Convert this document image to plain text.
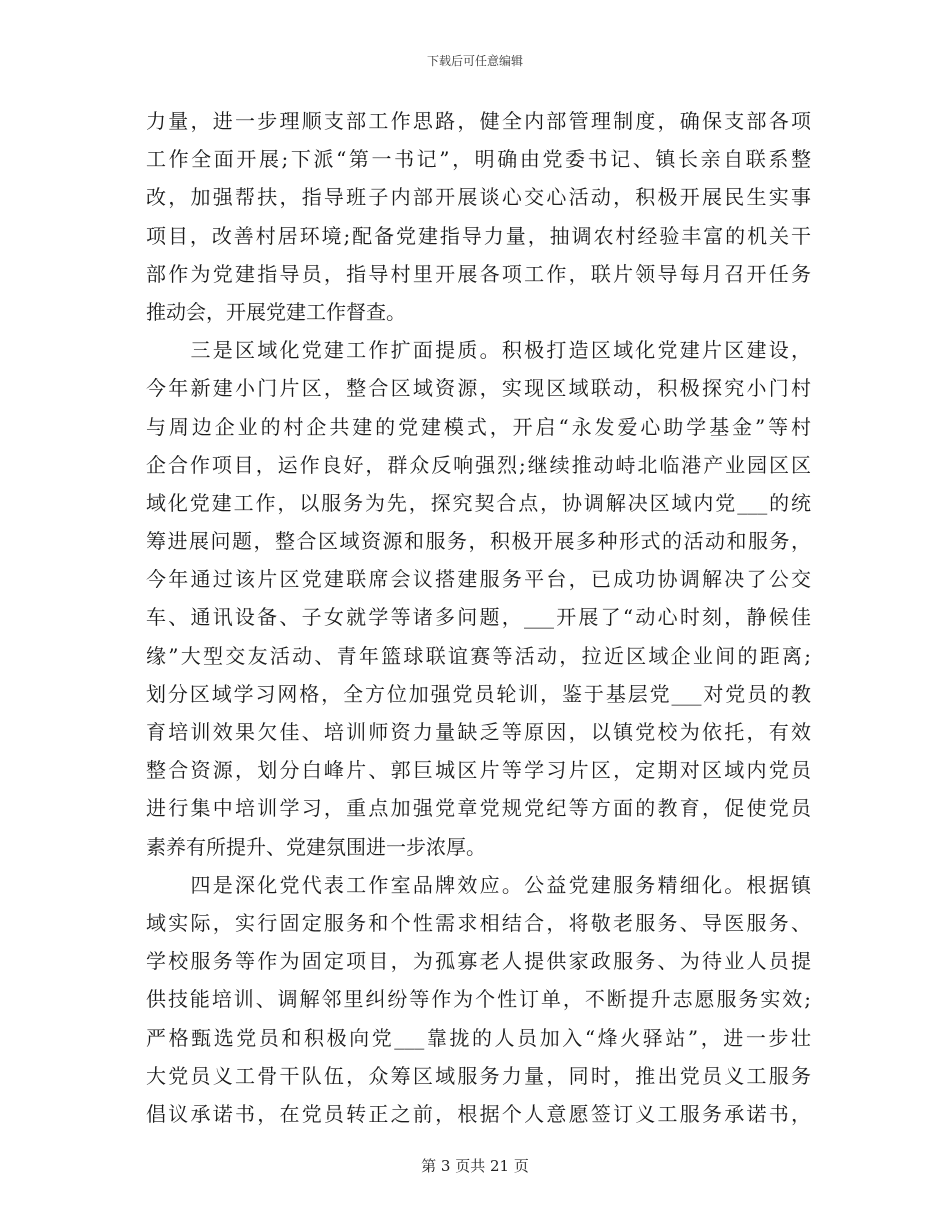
下载后可任意编辑
力量，进一步理顺支部工作思路，健全内部管理制度，确保支部各项
工作全面开展;下派“第一书记”，明确由党委书记、镇长亲自联系整
改，加强帮扶，指导班子内部开展谈心交心活动，积极开展民生实事
项目，改善村居环境;配备党建指导力量，抽调农村经验丰富的机关干
部作为党建指导员，指导村里开展各项工作，联片领导每月召开任务
推动会，开展党建工作督查。
　　三是区域化党建工作扩面提质。积极打造区域化党建片区建设，
今年新建小门片区，整合区域资源，实现区域联动，积极探究小门村
与周边企业的村企共建的党建模式，开启“永发爱心助学基金”等村
企合作项目，运作良好，群众反响强烈;继续推动峙北临港产业园区区
域化党建工作，以服务为先，探究契合点，协调解决区域内党___的统
筹进展问题，整合区域资源和服务，积极开展多种形式的活动和服务，
今年通过该片区党建联席会议搭建服务平台，已成功协调解决了公交
车、通讯设备、子女就学等诸多问题，___开展了“动心时刻，静候佳
缘”大型交友活动、青年篮球联谊赛等活动，拉近区域企业间的距离;
划分区域学习网格，全方位加强党员轮训，鉴于基层党___对党员的教
育培训效果欠佳、培训师资力量缺乏等原因，以镇党校为依托，有效
整合资源，划分白峰片、郭巨城区片等学习片区，定期对区域内党员
进行集中培训学习，重点加强党章党规党纪等方面的教育，促使党员
素养有所提升、党建氛围进一步浓厚。
　　四是深化党代表工作室品牌效应。公益党建服务精细化。根据镇
域实际，实行固定服务和个性需求相结合，将敬老服务、导医服务、
学校服务等作为固定项目，为孤寡老人提供家政服务、为待业人员提
供技能培训、调解邻里纠纷等作为个性订单，不断提升志愿服务实效;
严格甄选党员和积极向党___靠拢的人员加入“烽火驿站”，进一步壮
大党员义工骨干队伍，众筹区域服务力量，同时，推出党员义工服务
倡议承诺书，在党员转正之前，根据个人意愿签订义工服务承诺书，
第 3 页共 21 页
